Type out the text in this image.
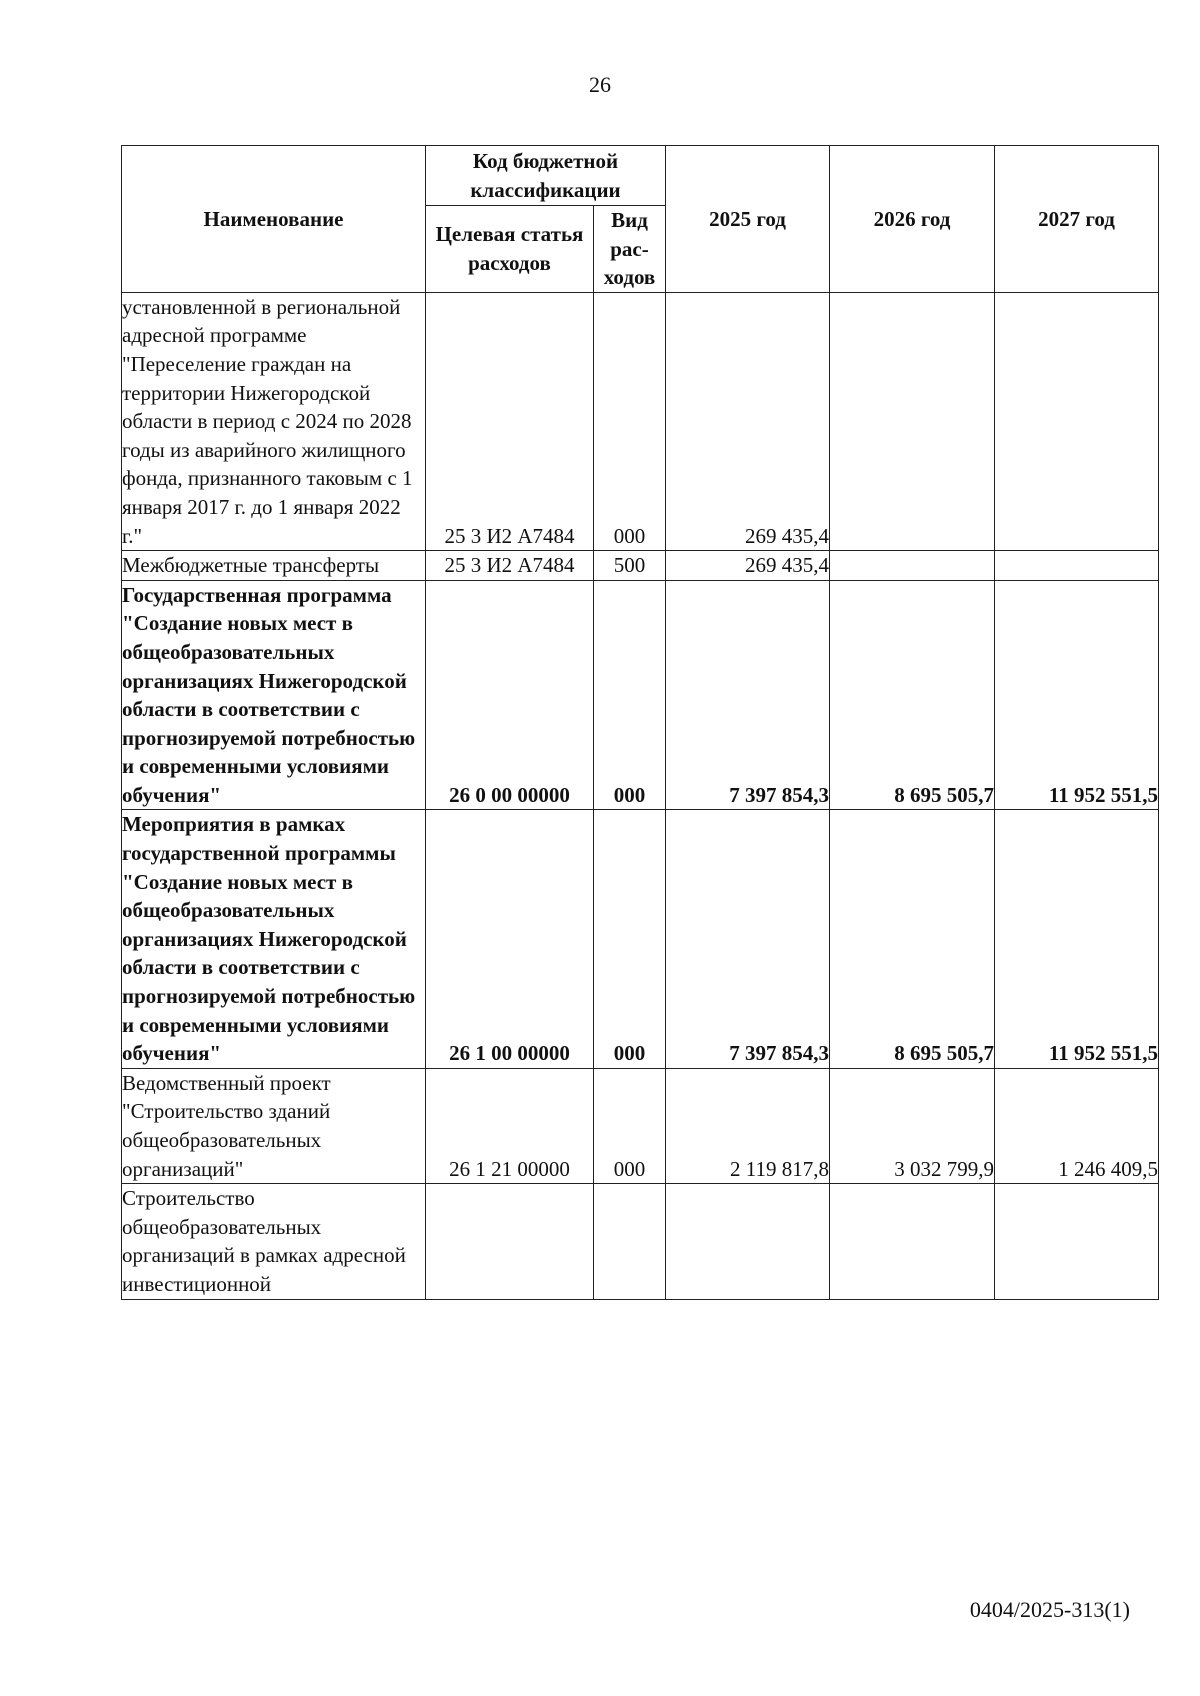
26
Наименование	Код бюджетной классификации		2025 год	2026 год	2027 год
	Целевая статья расходов	Вид рас-ходов			
установленной в региональной адресной программе "Переселение граждан на территории Нижегородской области в период с 2024 по 2028 годы из аварийного жилищного фонда, признанного таковым с 1 января 2017 г. до 1 января 2022 г."	25 3 И2 А7484	000	269 435,4		
Межбюджетные трансферты	25 3 И2 А7484	500	269 435,4		
Государственная программа "Создание новых мест в общеобразовательных организациях Нижегородской области в соответствии с прогнозируемой потребностью и современными условиями обучения"	26 0 00 00000	000	7 397 854,3	8 695 505,7	11 952 551,5
Мероприятия в рамках государственной программы "Создание новых мест в общеобразовательных организациях Нижегородской области в соответствии с прогнозируемой потребностью и современными условиями обучения"	26 1 00 00000	000	7 397 854,3	8 695 505,7	11 952 551,5
Ведомственный проект "Строительство зданий общеобразовательных организаций"	26 1 21 00000	000	2 119 817,8	3 032 799,9	1 246 409,5
Строительство общеобразовательных организаций в рамках адресной инвестиционной					
0404/2025-313(1)
